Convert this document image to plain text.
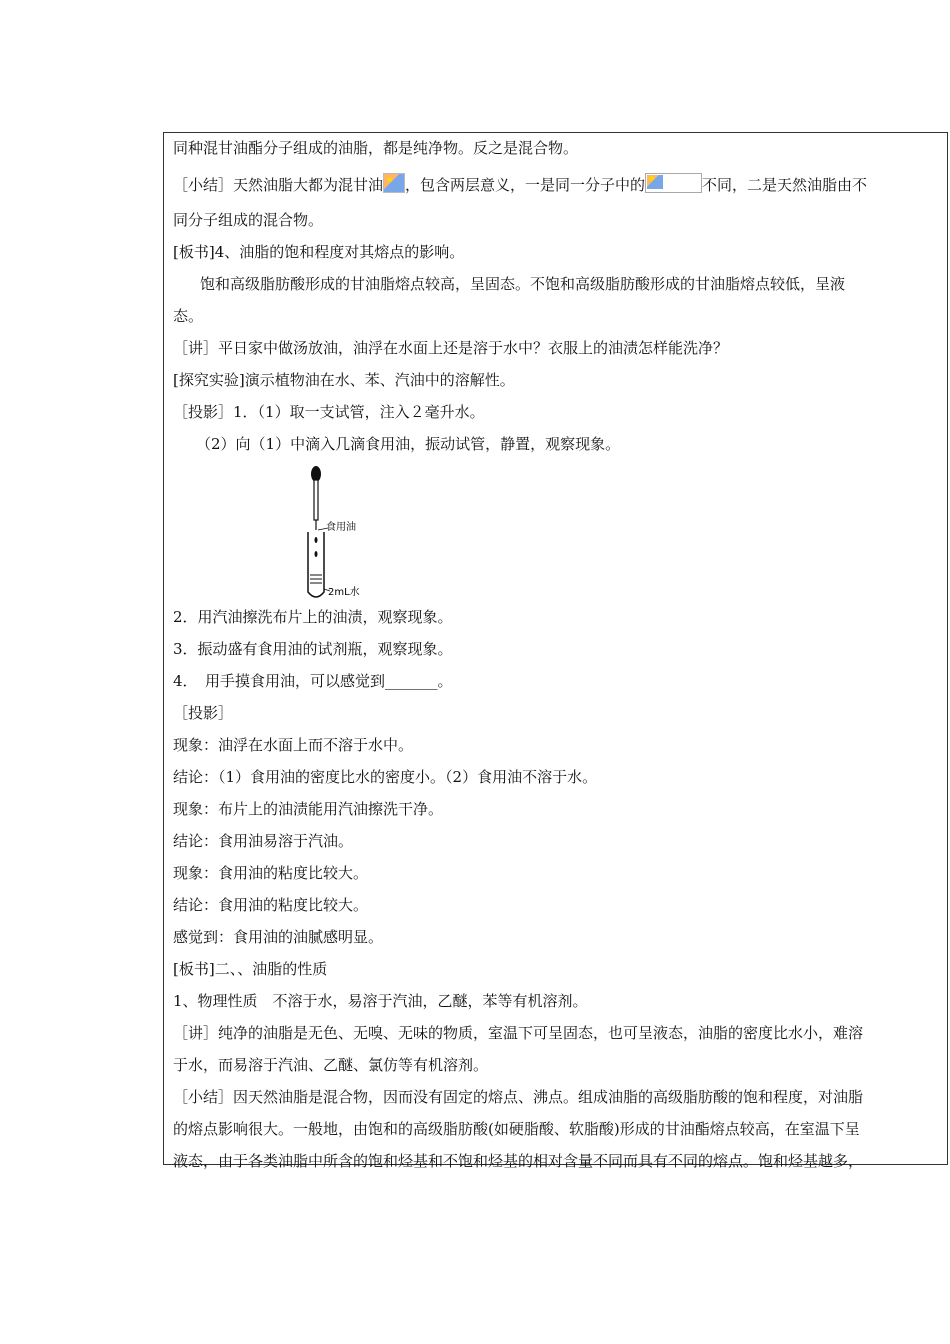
同种混甘油酯分子组成的油脂，都是纯净物。反之是混合物。
［小结］天然油脂大都为混甘油 ，包含两层意义，一是同一分子中的	不同，二是天然油脂由不
同分子组成的混合物。
[板书]4、油脂的饱和程度对其熔点的影响。
饱和高级脂肪酸形成的甘油脂熔点较高，呈固态。不饱和高级脂肪酸形成的甘油脂熔点较低，呈液
态。
［讲］平日家中做汤放油，油浮在水面上还是溶于水中？衣服上的油渍怎样能洗净？
[探究实验]演示植物油在水、苯、汽油中的溶解性。
［投影］1．（1）取一支试管，注入２毫升水。
（2）向（1）中滴入几滴食用油，振动试管，静置，观察现象。
食用油
2mL水
2．用汽油擦洗布片上的油渍，观察现象。
3．振动盛有食用油的试剂瓶，观察现象。
4．　用手摸食用油，可以感觉到_______。
［投影］
现象：油浮在水面上而不溶于水中。
结论：（1）食用油的密度比水的密度小。（2）食用油不溶于水。
现象：布片上的油渍能用汽油擦洗干净。
结论：食用油易溶于汽油。
现象：食用油的粘度比较大。
结论：食用油的粘度比较大。
感觉到：食用油的油腻感明显。
[板书]二、、油脂的性质
1、物理性质　不溶于水，易溶于汽油，乙醚，苯等有机溶剂。
［讲］纯净的油脂是无色、无嗅、无味的物质，室温下可呈固态，也可呈液态，油脂的密度比水小，难溶
于水，而易溶于汽油、乙醚、氯仿等有机溶剂。
［小结］因天然油脂是混合物，因而没有固定的熔点、沸点。组成油脂的高级脂肪酸的饱和程度，对油脂
的熔点影响很大。一般地，由饱和的高级脂肪酸(如硬脂酸、软脂酸)形成的甘油酯熔点较高，在室温下呈
液态，由于各类油脂中所含的饱和烃基和不饱和烃基的相对含量不同而具有不同的熔点。饱和烃基越多，
